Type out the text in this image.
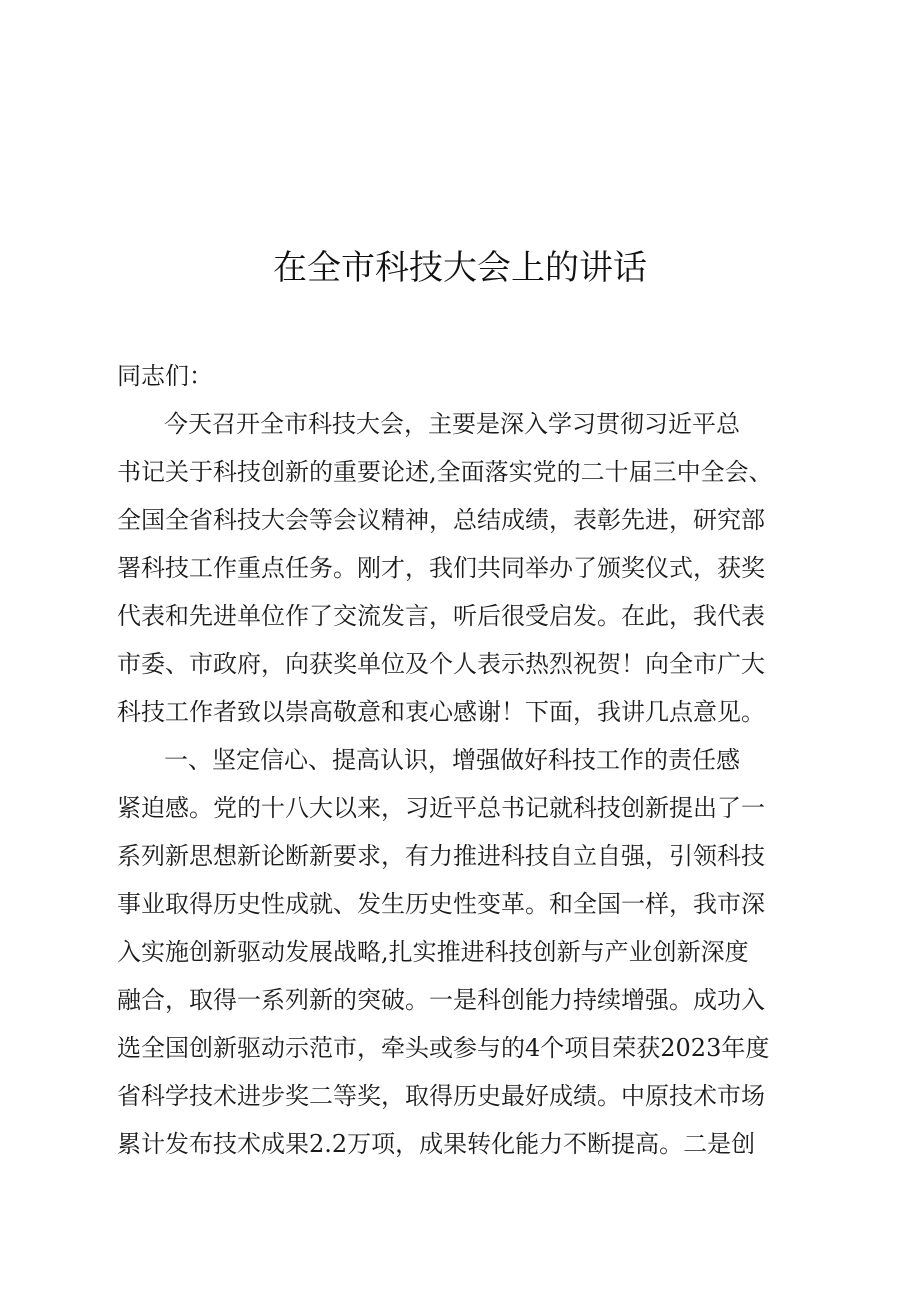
在全市科技大会上的讲话
同志们：
今天召开全市科技大会，主要是深入学习贯彻习近平总
书记关于科技创新的重要论述,全面落实党的二十届三中全会、
全国全省科技大会等会议精神，总结成绩，表彰先进，研究部
署科技工作重点任务。刚才，我们共同举办了颁奖仪式，获奖
代表和先进单位作了交流发言，听后很受启发。在此，我代表
市委、市政府，向获奖单位及个人表示热烈祝贺！向全市广大
科技工作者致以崇高敬意和衷心感谢！下面，我讲几点意见。
一、坚定信心、提高认识，增强做好科技工作的责任感
紧迫感。党的十八大以来，习近平总书记就科技创新提出了一
系列新思想新论断新要求，有力推进科技自立自强，引领科技
事业取得历史性成就、发生历史性变革。和全国一样，我市深
入实施创新驱动发展战略,扎实推进科技创新与产业创新深度
融合，取得一系列新的突破。一是科创能力持续增强。成功入
选全国创新驱动示范市，牵头或参与的4个项目荣获2023年度
省科学技术进步奖二等奖，取得历史最好成绩。中原技术市场
累计发布技术成果2.2万项，成果转化能力不断提高。二是创
